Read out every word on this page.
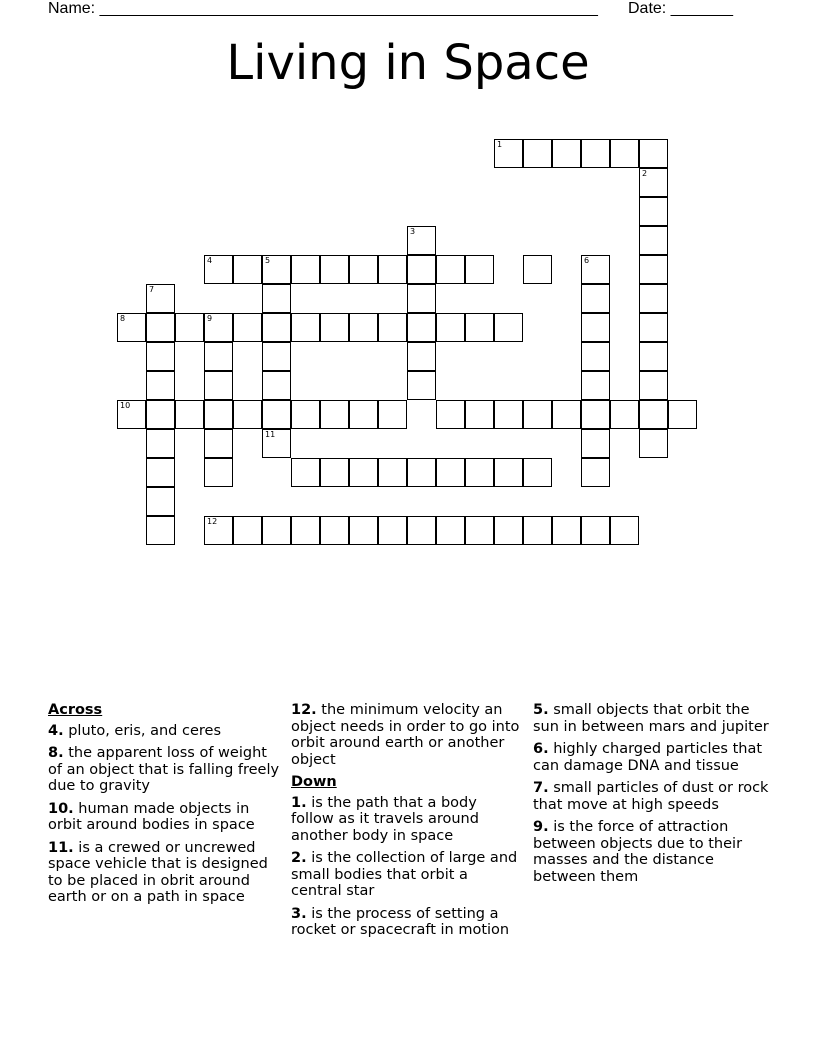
Name: ________________________________________________________ Date: _______
Living in Space
1
2
3
4	5
11
6
7
8	9
10
12
Across
4. pluto, eris, and ceres
8. the apparent loss of weight of an object that is falling freely due to gravity
10. human made objects in orbit around bodies in space
11. is a crewed or uncrewed space vehicle that is designed to be placed in obrit around earth or on a path in space
12. the minimum velocity an object needs in order to go into orbit around earth or another object
Down
1. is the path that a body follow as it travels around another body in space
2. is the collection of large and small bodies that orbit a central star
3. is the process of setting a rocket or spacecraft in motion
5. small objects that orbit the sun in between mars and jupiter
6. highly charged particles that can damage DNA and tissue
7. small particles of dust or rock that move at high speeds
9. is the force of attraction between objects due to their masses and the distance between them
